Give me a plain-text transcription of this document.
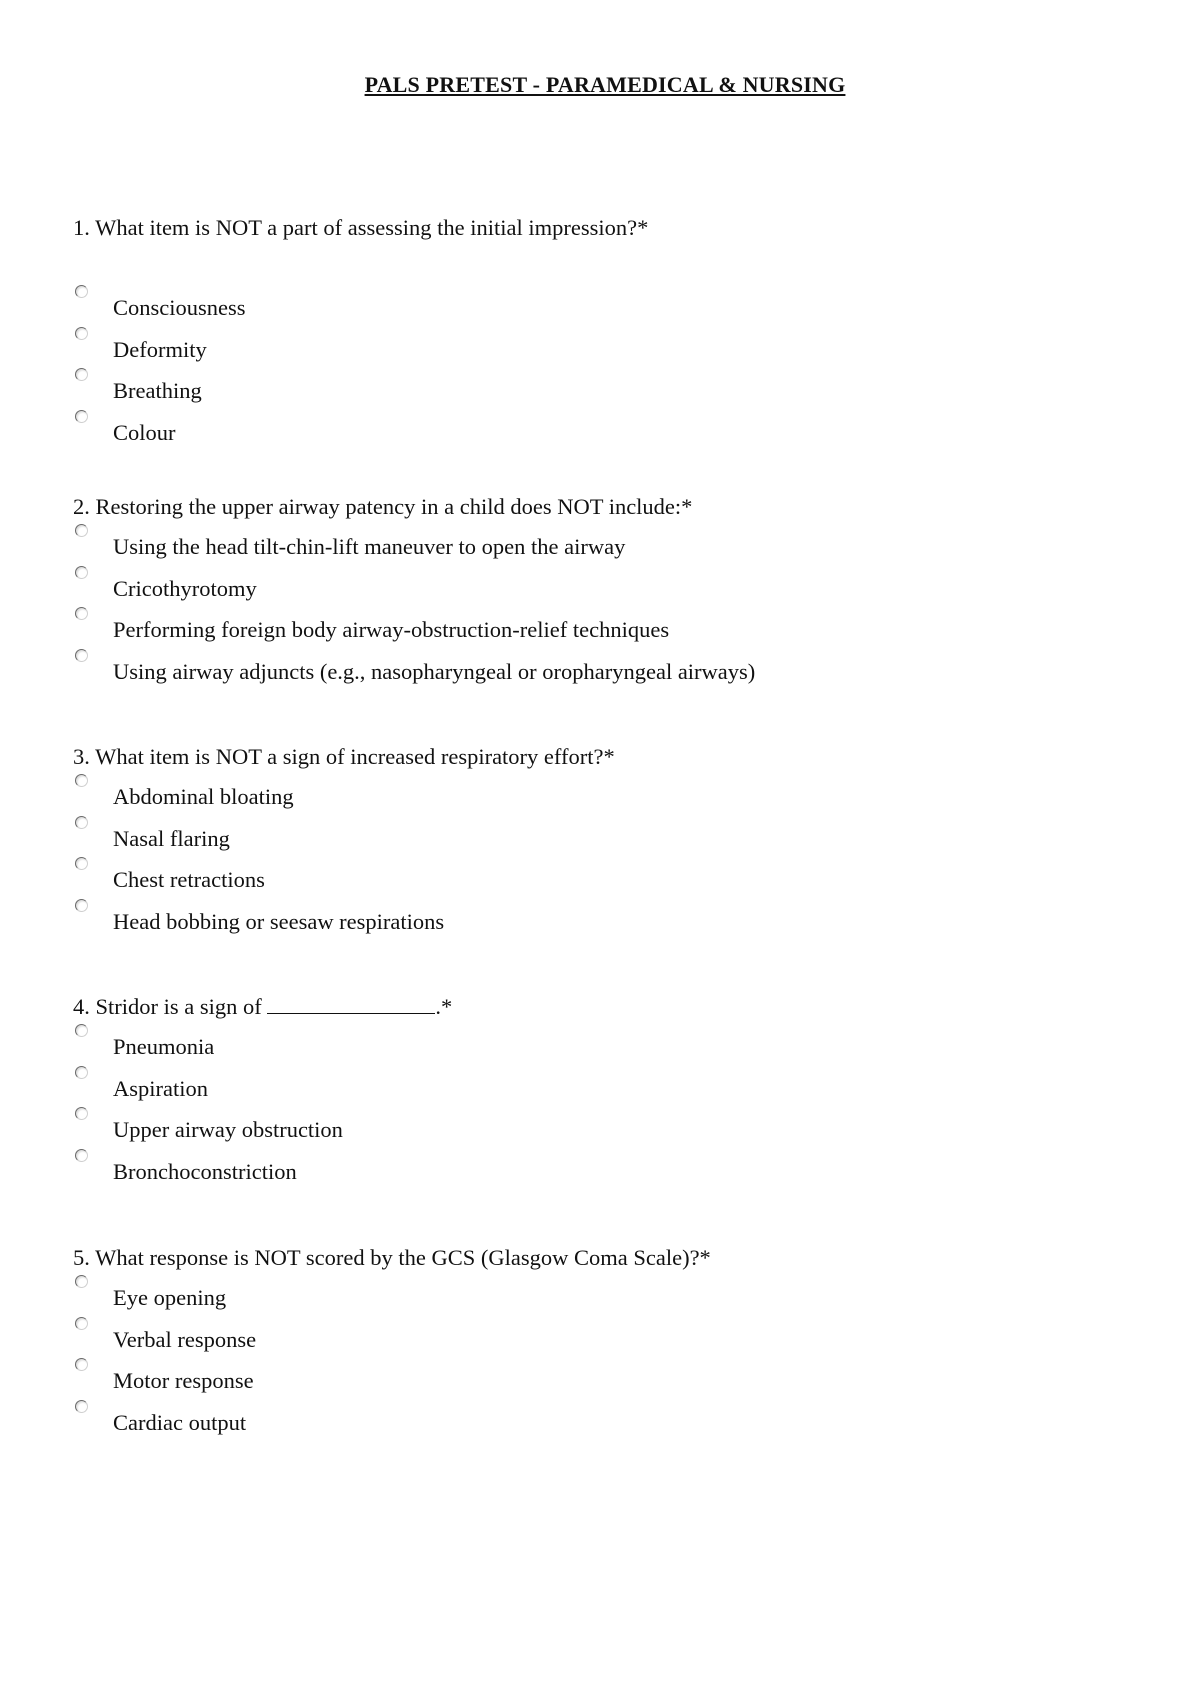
PALS PRETEST - PARAMEDICAL & NURSING
1 . What item is NOT a part of assessing the initial impression?*
Consciousness
Deformity
Breathing
Colour
2 . Restoring the upper airway patency in a child does NOT include:*
Using the head tilt-chin-lift maneuver to open the airway
Cricothyrotomy
Performing foreign body airway-obstruction-relief techniques
Using airway adjuncts (e.g., nasopharyngeal or oropharyngeal airways)
3 . What item is NOT a sign of increased respiratory effort?*
Abdominal bloating
Nasal flaring
Chest retractions
Head bobbing or seesaw respirations
4 . Stridor is a sign of	.*
Pneumonia
Aspiration
Upper airway obstruction
Bronchoconstriction
5 . What response is NOT scored by the GCS (Glasgow Coma Scale)?*
Eye opening
Verbal response
Motor response
Cardiac output
